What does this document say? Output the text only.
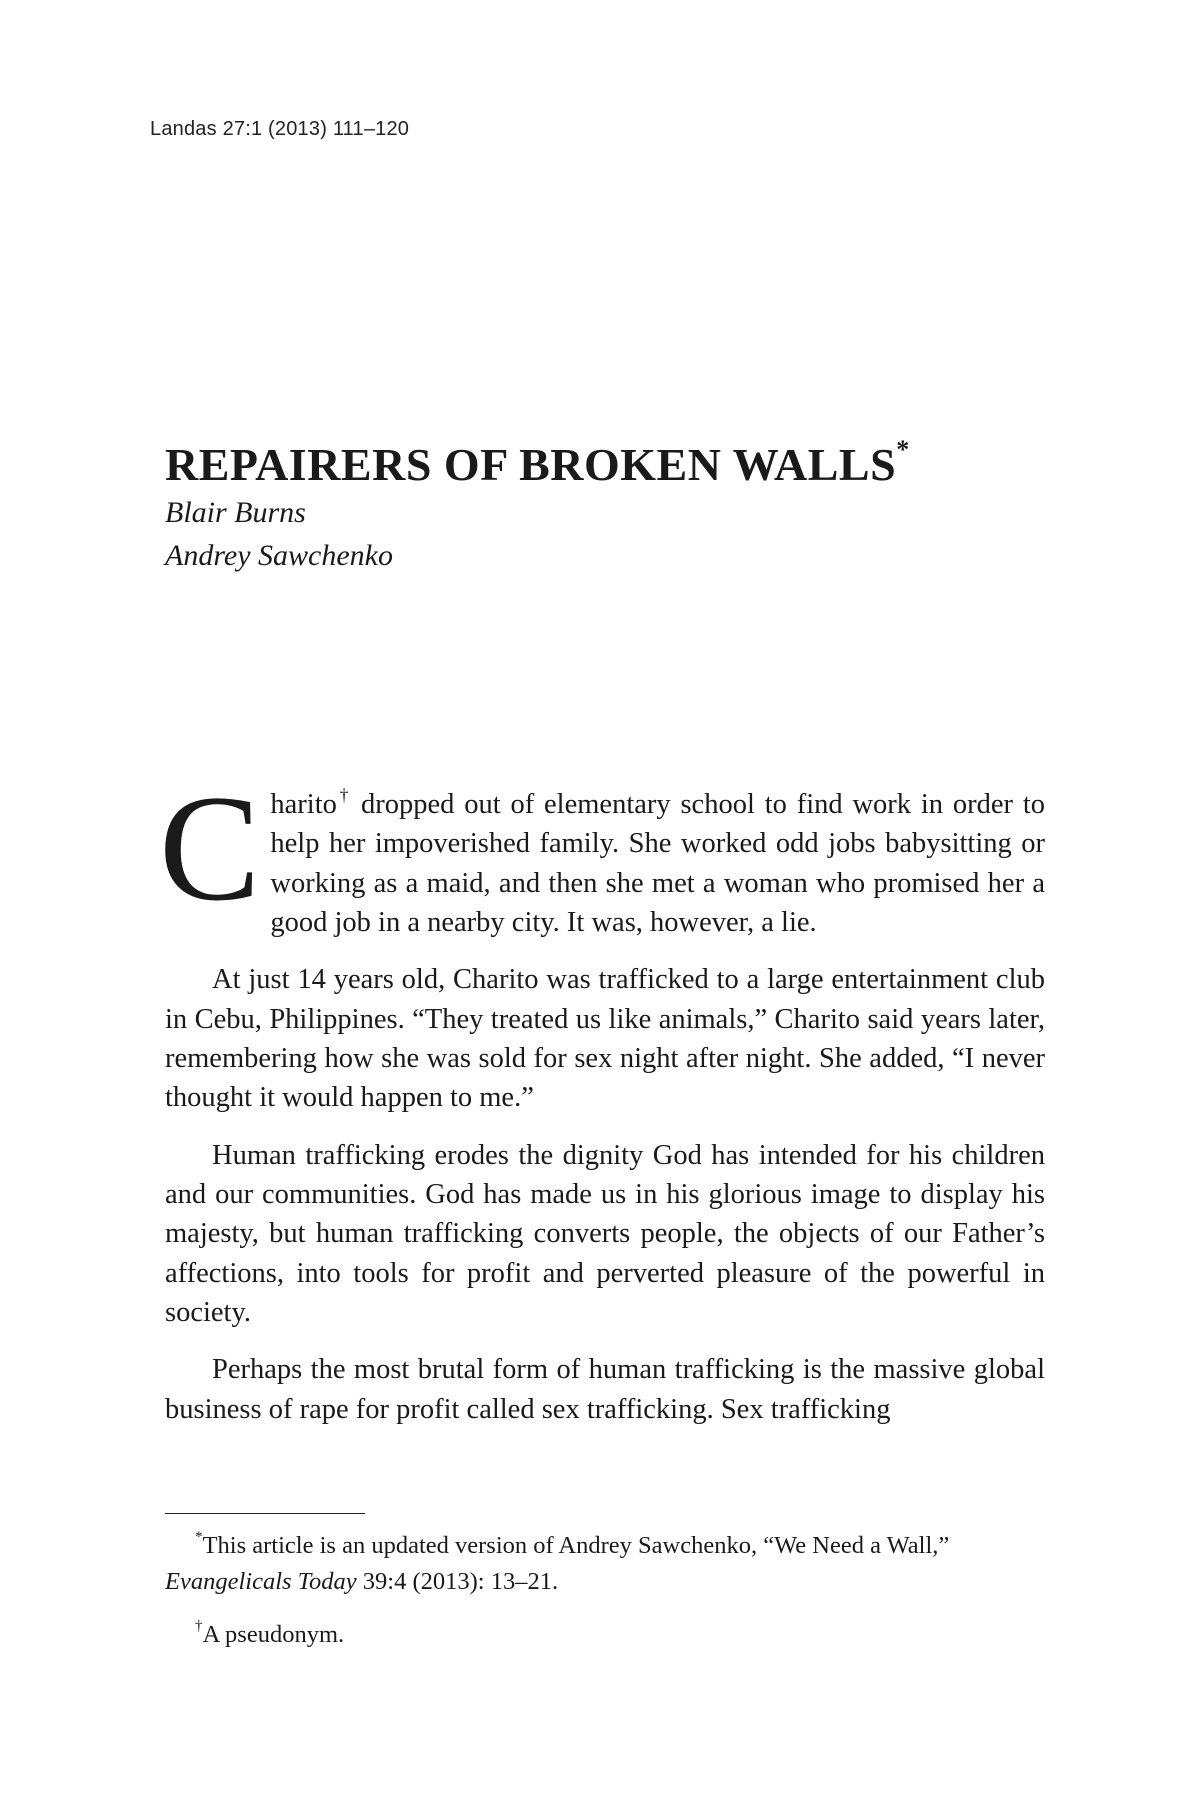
Landas 27:1 (2013) 111–120
REPAIRERS OF BROKEN WALLS*
Blair Burns
Andrey Sawchenko

Charito† dropped out of elementary school to find work in order to help her impoverished family. She worked odd jobs babysitting or working as a maid, and then she met a woman who promised her a good job in a nearby city. It was, however, a lie.

At just 14 years old, Charito was trafficked to a large entertainment club in Cebu, Philippines. “They treated us like animals,” Charito said years later, remembering how she was sold for sex night after night. She added, “I never thought it would happen to me.”

Human trafficking erodes the dignity God has intended for his children and our communities. God has made us in his glorious image to display his majesty, but human trafficking converts people, the objects of our Father’s affections, into tools for profit and perverted pleasure of the powerful in society.

Perhaps the most brutal form of human trafficking is the massive global business of rape for profit called sex trafficking. Sex trafficking

*This article is an updated version of Andrey Sawchenko, “We Need a Wall,” Evangelicals Today 39:4 (2013): 13–21.

†A pseudonym.
